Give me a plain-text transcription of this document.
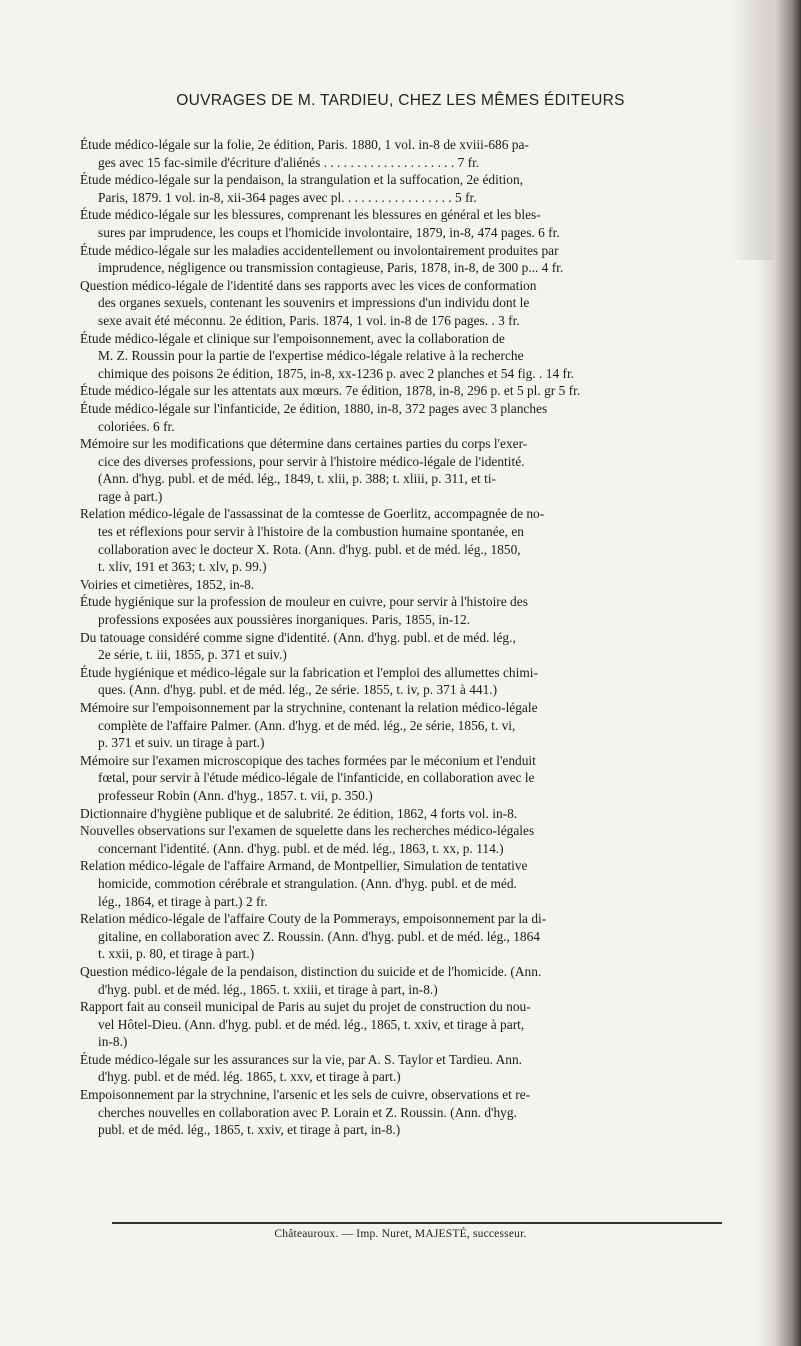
OUVRAGES DE M. TARDIEU, CHEZ LES MÊMES ÉDITEURS
Étude médico-légale sur la folie, 2e édition, Paris. 1880, 1 vol. in-8 de xviii-686 pa-
ges avec 15 fac-simile d'écriture d'aliénés . . . . . . . . . . . . . . . . . . . . 7 fr.
Étude médico-légale sur la pendaison, la strangulation et la suffocation, 2e édition,
Paris, 1879. 1 vol. in-8, xii-364 pages avec pl. . . . . . . . . . . . . . . . . 5 fr.
Étude médico-légale sur les blessures, comprenant les blessures en général et les bles-
sures par imprudence, les coups et l'homicide involontaire, 1879, in-8, 474 pages. 6 fr.
Étude médico-légale sur les maladies accidentellement ou involontairement produites par
imprudence, négligence ou transmission contagieuse, Paris, 1878, in-8, de 300 p... 4 fr.
Question médico-légale de l'identité dans ses rapports avec les vices de conformation
des organes sexuels, contenant les souvenirs et impressions d'un individu dont le
sexe avait été méconnu. 2e édition, Paris. 1874, 1 vol. in-8 de 176 pages. . 3 fr.
Étude médico-légale et clinique sur l'empoisonnement, avec la collaboration de
M. Z. Roussin pour la partie de l'expertise médico-légale relative à la recherche
chimique des poisons 2e édition, 1875, in-8, xx-1236 p. avec 2 planches et 54 fig. . 14 fr.
Étude médico-légale sur les attentats aux mœurs. 7e édition, 1878, in-8, 296 p. et 5 pl. gr 5 fr.
Étude médico-légale sur l'infanticide, 2e édition, 1880, in-8, 372 pages avec 3 planches
coloriées. 6 fr.
Mémoire sur les modifications que détermine dans certaines parties du corps l'exer-
cice des diverses professions, pour servir à l'histoire médico-légale de l'identité.
(Ann. d'hyg. publ. et de méd. lég., 1849, t. xlii, p. 388; t. xliii, p. 311, et ti-
rage à part.)
Relation médico-légale de l'assassinat de la comtesse de Goerlitz, accompagnée de no-
tes et réflexions pour servir à l'histoire de la combustion humaine spontanée, en
collaboration avec le docteur X. Rota. (Ann. d'hyg. publ. et de méd. lég., 1850,
t. xliv, 191 et 363; t. xlv, p. 99.)
Voiries et cimetières, 1852, in-8.
Étude hygiénique sur la profession de mouleur en cuivre, pour servir à l'histoire des
professions exposées aux poussières inorganiques. Paris, 1855, in-12.
Du tatouage considéré comme signe d'identité. (Ann. d'hyg. publ. et de méd. lég.,
2e série, t. iii, 1855, p. 371 et suiv.)
Étude hygiénique et médico-légale sur la fabrication et l'emploi des allumettes chimi-
ques. (Ann. d'hyg. publ. et de méd. lég., 2e série. 1855, t. iv, p. 371 à 441.)
Mémoire sur l'empoisonnement par la strychnine, contenant la relation médico-légale
complète de l'affaire Palmer. (Ann. d'hyg. et de méd. lég., 2e série, 1856, t. vi,
p. 371 et suiv. un tirage à part.)
Mémoire sur l'examen microscopique des taches formées par le méconium et l'enduit
fœtal, pour servir à l'étude médico-légale de l'infanticide, en collaboration avec le
professeur Robin (Ann. d'hyg., 1857. t. vii, p. 350.)
Dictionnaire d'hygiène publique et de salubrité. 2e édition, 1862, 4 forts vol. in-8.
Nouvelles observations sur l'examen de squelette dans les recherches médico-légales
concernant l'identité. (Ann. d'hyg. publ. et de méd. lég., 1863, t. xx, p. 114.)
Relation médico-légale de l'affaire Armand, de Montpellier, Simulation de tentative
homicide, commotion cérébrale et strangulation. (Ann. d'hyg. publ. et de méd.
lég., 1864, et tirage à part.) 2 fr.
Relation médico-légale de l'affaire Couty de la Pommerays, empoisonnement par la di-
gitaline, en collaboration avec Z. Roussin. (Ann. d'hyg. publ. et de méd. lég., 1864
t. xxii, p. 80, et tirage à part.)
Question médico-légale de la pendaison, distinction du suicide et de l'homicide. (Ann.
d'hyg. publ. et de méd. lég., 1865. t. xxiii, et tirage à part, in-8.)
Rapport fait au conseil municipal de Paris au sujet du projet de construction du nou-
vel Hôtel-Dieu. (Ann. d'hyg. publ. et de méd. lég., 1865, t. xxiv, et tirage à part,
in-8.)
Étude médico-légale sur les assurances sur la vie, par A. S. Taylor et Tardieu. Ann.
d'hyg. publ. et de méd. lég. 1865, t. xxv, et tirage à part.)
Empoisonnement par la strychnine, l'arsenic et les sels de cuivre, observations et re-
cherches nouvelles en collaboration avec P. Lorain et Z. Roussin. (Ann. d'hyg.
publ. et de méd. lég., 1865, t. xxiv, et tirage à part, in-8.)
Châteauroux. — Imp. Nuret, MAJESTÉ, successeur.
